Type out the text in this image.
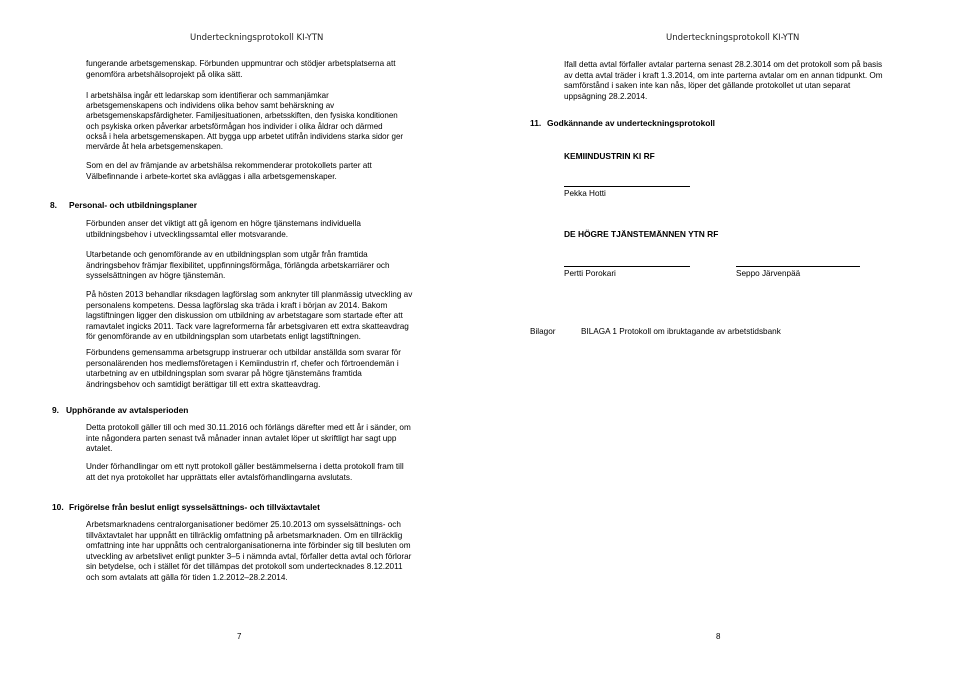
Underteckningsprotokoll KI-YTN

fungerande arbetsgemenskap. Förbunden uppmuntrar och stödjer arbetsplatserna att
genomföra arbetshälsoprojekt på olika sätt.

I arbetshälsa ingår ett ledarskap som identifierar och sammanjämkar
arbetsgemenskapens och individens olika behov samt behärskning av
arbetsgemenskapsfärdigheter. Familjesituationen, arbetsskiften, den fysiska konditionen
och psykiska orken påverkar arbetsförmågan hos individer i olika åldrar och därmed
också i hela arbetsgemenskapen. Att bygga upp arbetet utifrån individens starka sidor ger
mervärde åt hela arbetsgemenskapen.

Som en del av främjande av arbetshälsa rekommenderar protokollets parter att
Välbefinnande i arbete-kortet ska avläggas i alla arbetsgemenskaper.

8. Personal- och utbildningsplaner

Förbunden anser det viktigt att gå igenom en högre tjänstemans individuella
utbildningsbehov i utvecklingssamtal eller motsvarande.

Utarbetande och genomförande av en utbildningsplan som utgår från framtida
ändringsbehov främjar flexibilitet, uppfinningsförmåga, förlängda arbetskarriärer och
sysselsättningen av högre tjänstemän.

På hösten 2013 behandlar riksdagen lagförslag som anknyter till planmässig utveckling av
personalens kompetens. Dessa lagförslag ska träda i kraft i början av 2014. Bakom
lagstiftningen ligger den diskussion om utbildning av arbetstagare som startade efter att
ramavtalet ingicks 2011. Tack vare lagreformerna får arbetsgivaren ett extra skatteavdrag
för genomförande av en utbildningsplan som utarbetats enligt lagstiftningen.

Förbundens gemensamma arbetsgrupp instruerar och utbildar anställda som svarar för
personalärenden hos medlemsföretagen i Kemiindustrin rf, chefer och förtroendemän i
utarbetning av en utbildningsplan som svarar på högre tjänstemäns framtida
ändringsbehov och samtidigt berättigar till ett extra skatteavdrag.

9. Upphörande av avtalsperioden

Detta protokoll gäller till och med 30.11.2016 och förlängs därefter med ett år i sänder, om
inte någondera parten senast två månader innan avtalet löper ut skriftligt har sagt upp
avtalet.

Under förhandlingar om ett nytt protokoll gäller bestämmelserna i detta protokoll fram till
att det nya protokollet har upprättats eller avtalsförhandlingarna avslutats.

10. Frigörelse från beslut enligt sysselsättnings- och tillväxtavtalet

Arbetsmarknadens centralorganisationer bedömer 25.10.2013 om sysselsättnings- och
tillväxtavtalet har uppnått en tillräcklig omfattning på arbetsmarknaden. Om en tillräcklig
omfattning inte har uppnåtts och centralorganisationerna inte förbinder sig till besluten om
utveckling av arbetslivet enligt punkter 3–5 i nämnda avtal, förfaller detta avtal och förlorar
sin betydelse, och i stället för det tillämpas det protokoll som undertecknades 8.12.2011
och som avtalats att gälla för tiden 1.2.2012–28.2.2014.

7
Underteckningsprotokoll KI-YTN

Ifall detta avtal förfaller avtalar parterna senast 28.2.3014 om det protokoll som på basis
av detta avtal träder i kraft 1.3.2014, om inte parterna avtalar om en annan tidpunkt. Om
samförstånd i saken inte kan nås, löper det gällande protokollet ut utan separat
uppsägning 28.2.2014.

11. Godkännande av underteckningsprotokoll
KEMIINDUSTRIN KI RF
Pekka Hotti
DE HÖGRE TJÄNSTEMÄNNEN YTN RF
Pertti Porokari	Seppo Järvenpää
Bilagor	BILAGA 1 Protokoll om ibruktagande av arbetstidsbank
8
